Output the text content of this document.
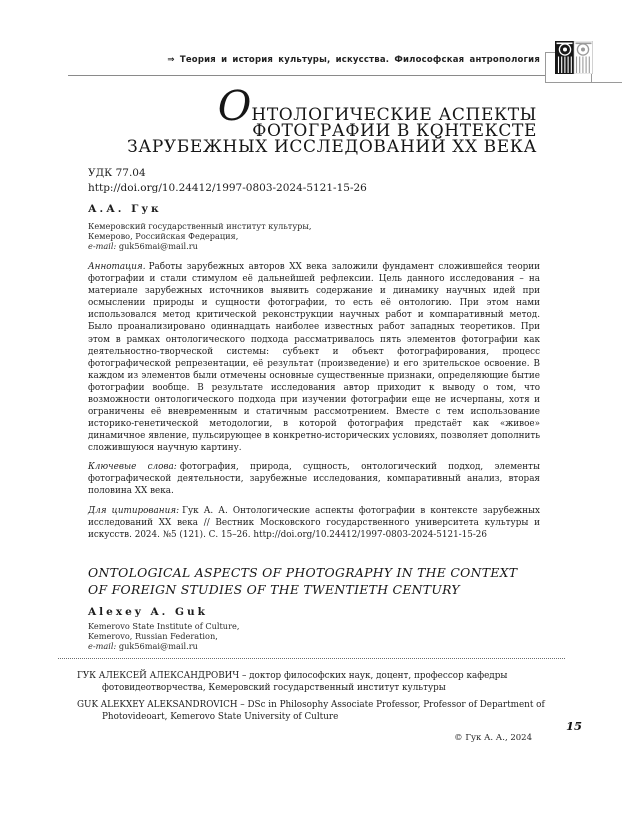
⇒ Теория и история культуры, искусства. Философская антропология
ОНТОЛОГИЧЕСКИЕ АСПЕКТЫ
ФОТОГРАФИИ В КОНТЕКСТЕ
ЗАРУБЕЖНЫХ ИССЛЕДОВАНИЙ XX ВЕКА
УДК 77.04
http://doi.org/10.24412/1997-0803-2024-5121-15-26
А.А. Гук
Кемеровский государственный институт культуры,
Кемерово, Российская Федерация,
e-mail: guk56mai@mail.ru

Аннотация. Работы зарубежных авторов XX века заложили фундамент сложившейся теории фотографии и стали стимулом её дальнейшей рефлексии. Цель данного исследования – на материале зарубежных источников выявить содержание и динамику научных идей при осмыслении природы и сущности фотографии, то есть её онтологию. При этом нами использовался метод критической реконструкции научных работ и компаративный метод. Было проанализировано одиннадцать наиболее известных работ западных теоретиков. При этом в рамках онтологического подхода рассматривалось пять элементов фотографии как деятельностно-творческой системы: субъект и объект фотографирования, процесс фотографической репрезентации, её результат (произведение) и его зрительское освоение. В каждом из элементов были отмечены основные существенные признаки, определяющие бытие фотографии вообще. В результате исследования автор приходит к выводу о том, что возможности онтологического подхода при изучении фотографии еще не исчерпаны, хотя и ограничены её вневременным и статичным рассмотрением. Вместе с тем использование историко-генетической методологии, в которой фотография предстаёт как «живое» динамичное явление, пульсирующее в конкретно-исторических условиях, позволяет дополнить сложившуюся научную картину.

Ключевые слова: фотография, природа, сущность, онтологический подход, элементы фотографической деятельности, зарубежные исследования, компаративный анализ, вторая половина XX века.

Для цитирования: Гук А. А. Онтологические аспекты фотографии в контексте зарубежных исследований XX века // Вестник Московского государственного университета культуры и искусств. 2024. №5 (121). С. 15–26. http://doi.org/10.24412/1997-0803-2024-5121-15-26

ONTOLOGICAL ASPECTS OF PHOTOGRAPHY IN THE CONTEXT
OF FOREIGN STUDIES OF THE TWENTIETH CENTURY
Alexey A. Guk
Kemerovo State Institute of Culture,
Kemerovo, Russian Federation,
e-mail: guk56mai@mail.ru

ГУК АЛЕКСЕЙ АЛЕКСАНДРОВИЧ – доктор философских наук, доцент, профессор кафедры фотовидеотворчества, Кемеровский государственный институт культуры

GUK ALEKXEY ALEKSANDROVICH – DSc in Philosophy Associate Professor, Professor of Department of Photovideoart, Kemerovo State University of Culture

© Гук А. А., 2024
15
